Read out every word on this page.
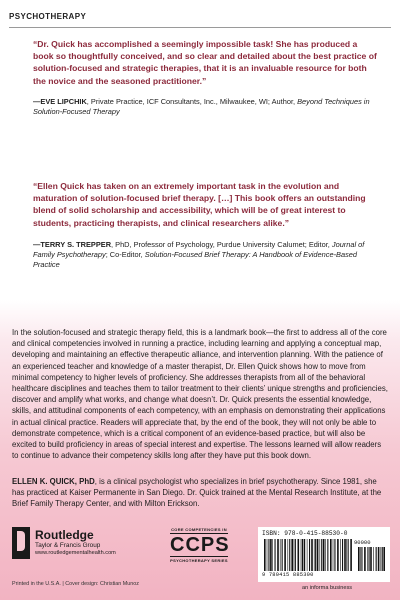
PSYCHOTHERAPY
“Dr. Quick has accomplished a seemingly impossible task! She has produced a book so thoughtfully conceived, and so clear and detailed about the best practice of solution-focused and strategic therapies, that it is an invaluable resource for both the novice and the seasoned practitioner.”
—EVE LIPCHIK, Private Practice, ICF Consultants, Inc., Milwaukee, WI; Author, Beyond Techniques in Solution-Focused Therapy
“Ellen Quick has taken on an extremely important task in the evolution and maturation of solution-focused brief therapy. […] This book offers an outstanding blend of solid scholarship and accessibility, which will be of great interest to students, practicing therapists, and clinical researchers alike.”
—TERRY S. TREPPER, PhD, Professor of Psychology, Purdue University Calumet; Editor, Journal of Family Psychotherapy; Co-Editor, Solution-Focused Brief Therapy: A Handbook of Evidence-Based Practice
In the solution-focused and strategic therapy field, this is a landmark book—the first to address all of the core and clinical competencies involved in running a practice, including learning and applying a conceptual map, developing and maintaining an effective therapeutic alliance, and intervention planning. With the patience of an experienced teacher and knowledge of a master therapist, Dr. Ellen Quick shows how to move from minimal competency to higher levels of proficiency. She addresses therapists from all of the behavioral healthcare disciplines and teaches them to tailor treatment to their clients’ unique strengths and proficiencies, discover and amplify what works, and change what doesn’t. Dr. Quick presents the essential knowledge, skills, and attitudinal components of each competency, with an emphasis on demonstrating their applications in actual clinical practice. Readers will appreciate that, by the end of the book, they will not only be able to demonstrate competence, which is a critical component of an evidence-based practice, but will also be excited to build proficiency in areas of special interest and expertise. The lessons learned will allow readers to continue to advance their competency skills long after they have put this book down.
ELLEN K. QUICK, PhD, is a clinical psychologist who specializes in brief psychotherapy. Since 1981, she has practiced at Kaiser Permanente in San Diego. Dr. Quick trained at the Mental Research Institute, at the Brief Family Therapy Center, and with Milton Erickson.
Routledge
Taylor & Francis Group
www.routledgementalhealth.com
Printed in the U.S.A. | Cover design: Christian Munoz
CORE COMPETENCIES IN
CCPS
PSYCHOTHERAPY SERIES
ISBN: 978-0-415-88530-0
90000
9 780415 885300
an informa business
